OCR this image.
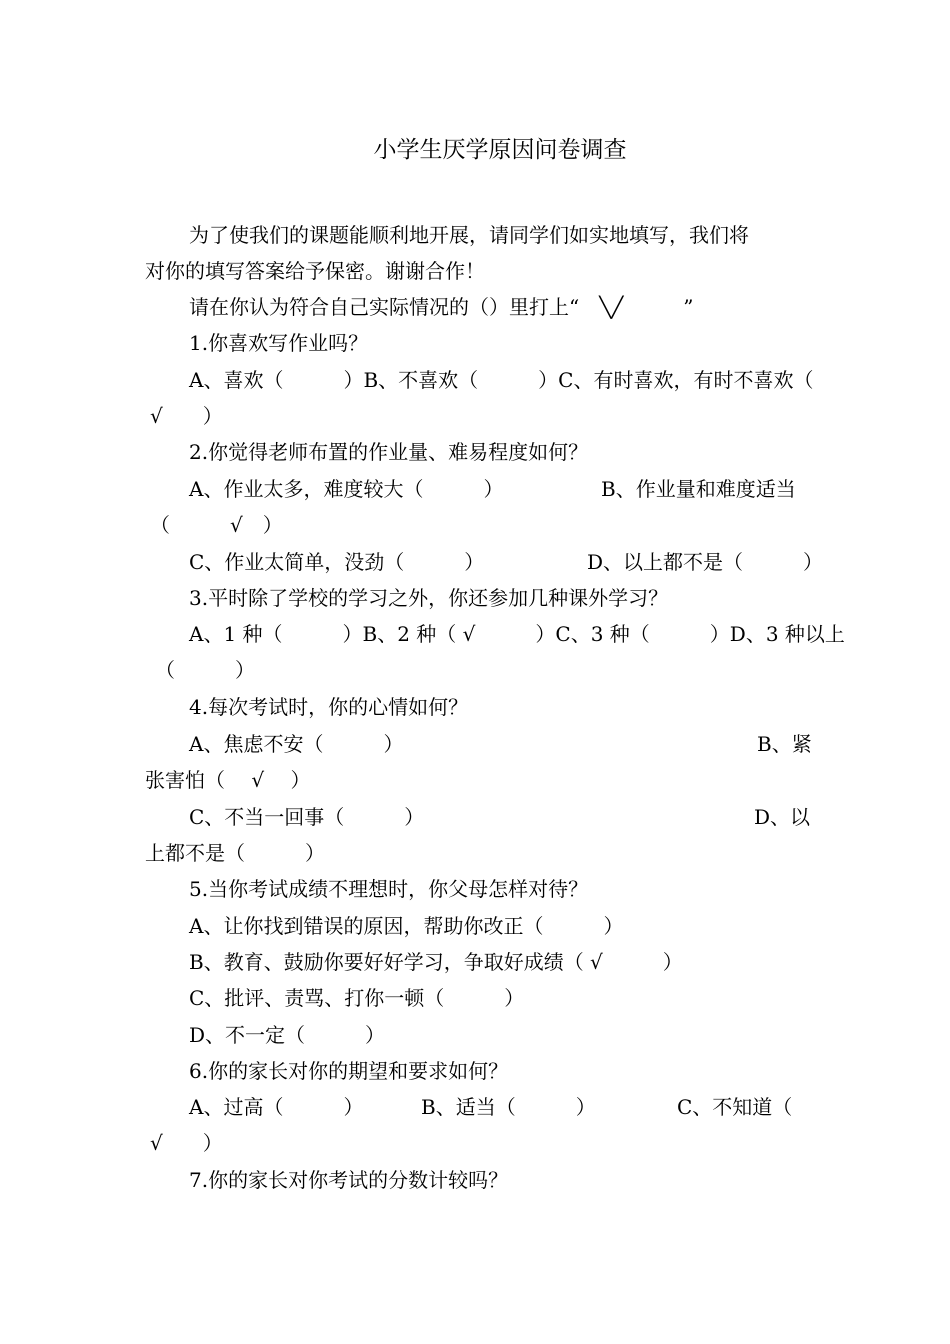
小学生厌学原因问卷调查
为了使我们的课题能顺利地开展，请同学们如实地填写，我们将
对你的填写答案给予保密。谢谢合作！
请在你认为符合自己实际情况的（）里打上“　╲╱　　　”
1.你喜欢写作业吗？
A、喜欢（　　　）B、不喜欢（　　　）C、有时喜欢，有时不喜欢（
√　　）
2.你觉得老师布置的作业量、难易程度如何？
A、作业太多，难度较大（　　　）	B、作业量和难度适当
（　　　√　）
C、作业太简单，没劲（　　　）	D、以上都不是（　　　）
3.平时除了学校的学习之外，你还参加几种课外学习？
A、1 种（　　　）B、2 种（ √　　　）C、3 种（　　　）D、3 种以上
（　　　）
4.每次考试时，你的心情如何？
A、焦虑不安（　　　）	B、紧
张害怕（　 √　 ）
C、不当一回事（　　　）	D、以
上都不是（　　　）
5.当你考试成绩不理想时，你父母怎样对待？
A、让你找到错误的原因，帮助你改正（　　　）
B、教育、鼓励你要好好学习，争取好成绩（ √　　　）
C、批评、责骂、打你一顿（　　　）
D、不一定（　　　）
6.你的家长对你的期望和要求如何？
A、过高（　　　）	B、适当（　　　）	C、不知道（
√　　）
7.你的家长对你考试的分数计较吗？
